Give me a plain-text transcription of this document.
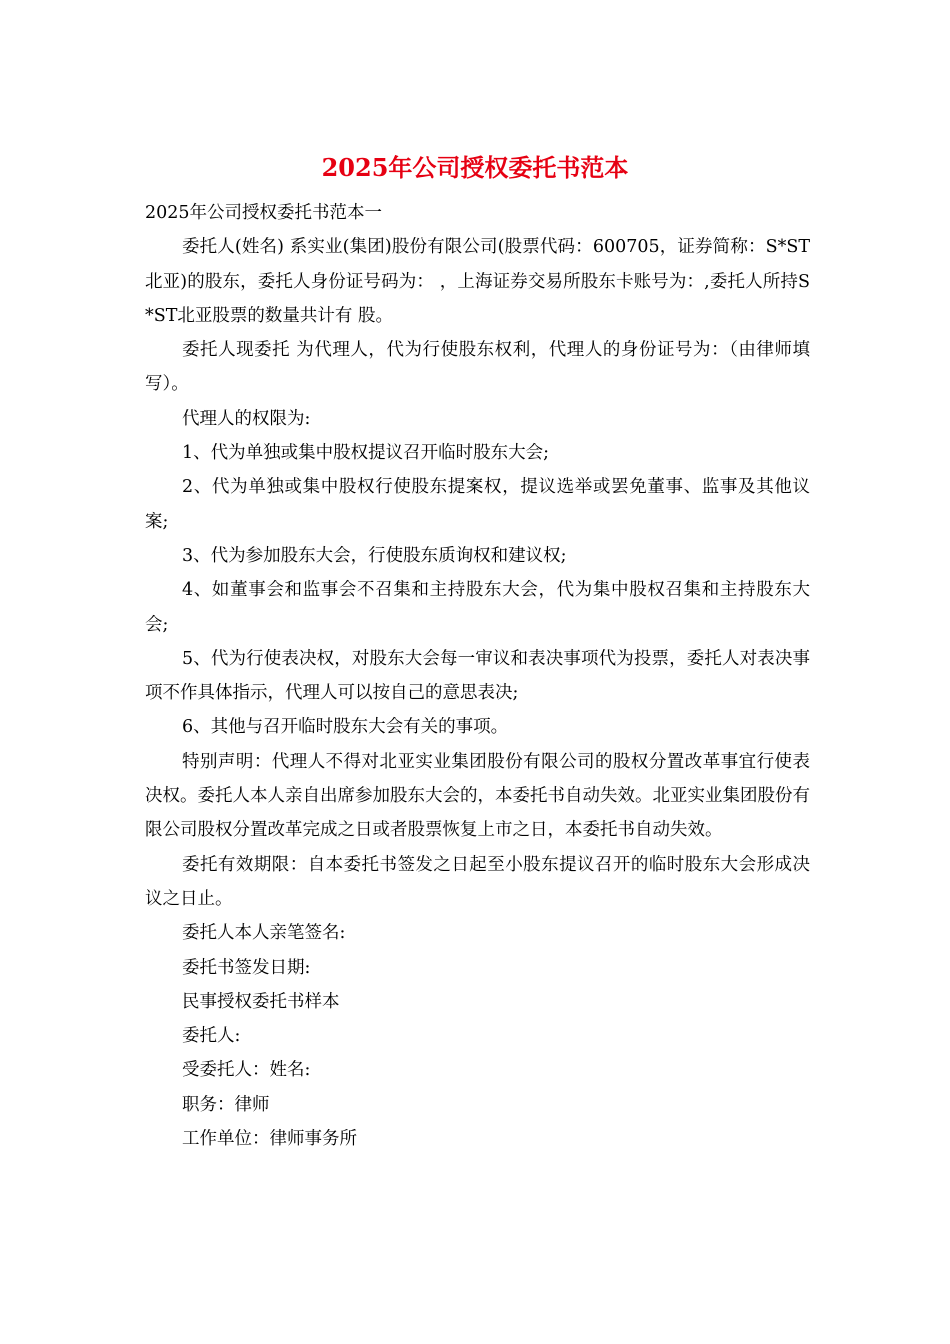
2025年公司授权委托书范本

2025年公司授权委托书范本一

委托人(姓名) 系实业(集团)股份有限公司(股票代码：600705，证券简称：S*ST北亚)的股东，委托人身份证号码为： ，上海证券交易所股东卡账号为：,委托人所持S*ST北亚股票的数量共计有 股。

委托人现委托 为代理人，代为行使股东权利，代理人的身份证号为：（由律师填写）。

代理人的权限为:

1、代为单独或集中股权提议召开临时股东大会;

2、代为单独或集中股权行使股东提案权，提议选举或罢免董事、监事及其他议案;

3、代为参加股东大会，行使股东质询权和建议权;

4、如董事会和监事会不召集和主持股东大会，代为集中股权召集和主持股东大会;

5、代为行使表决权，对股东大会每一审议和表决事项代为投票，委托人对表决事项不作具体指示，代理人可以按自己的意思表决;

6、其他与召开临时股东大会有关的事项。

特别声明：代理人不得对北亚实业集团股份有限公司的股权分置改革事宜行使表决权。委托人本人亲自出席参加股东大会的，本委托书自动失效。北亚实业集团股份有限公司股权分置改革完成之日或者股票恢复上市之日，本委托书自动失效。

委托有效期限：自本委托书签发之日起至小股东提议召开的临时股东大会形成决议之日止。

委托人本人亲笔签名:

委托书签发日期:

民事授权委托书样本

委托人:

受委托人：姓名:

职务：律师

工作单位：律师事务所
